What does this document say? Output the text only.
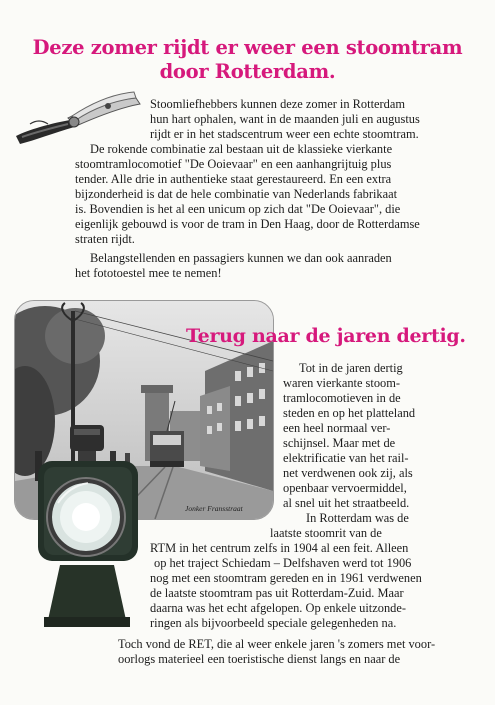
Deze zomer rijdt er weer een stoomtram
door Rotterdam.

Stoomliefhebbers kunnen deze zomer in Rotterdam
hun hart ophalen, want in de maanden juli en augustus
rijdt er in het stadscentrum weer een echte stoomtram.

De rokende combinatie zal bestaan uit de klassieke vierkante
stoomtramlocomotief "De Ooievaar" en een aanhangrijtuig plus
tender. Alle drie in authentieke staat gerestaureerd. En een extra
bijzonderheid is dat de hele combinatie van Nederlands fabrikaat
is. Bovendien is het al een unicum op zich dat "De Ooievaar", die
eigenlijk gebouwd is voor de tram in Den Haag, door de Rotterdamse
straten rijdt.

Belangstellenden en passagiers kunnen we dan ook aanraden
het fototoestel mee te nemen!

Jonker Fransstraat
Terug naar de jaren dertig.
Tot in de jaren dertig
waren vierkante stoom-
tramlocomotieven in de
steden en op het platteland
een heel normaal ver-
schijnsel. Maar met de
elektrificatie van het rail-
net verdwenen ook zij, als
openbaar vervoermiddel,
al snel uit het straatbeeld.
In Rotterdam was de
laatste stoomrit van de
RTM in het centrum zelfs in 1904 al een feit. Alleen
op het traject Schiedam – Delfshaven werd tot 1906
nog met een stoomtram gereden en in 1961 verdwenen
de laatste stoomtram pas uit Rotterdam-Zuid. Maar
daarna was het echt afgelopen. Op enkele uitzonde-
ringen als bijvoorbeeld speciale gelegenheden na.
Toch vond de RET, die al weer enkele jaren 's zomers met voor-
oorlogs materieel een toeristische dienst langs en naar de
